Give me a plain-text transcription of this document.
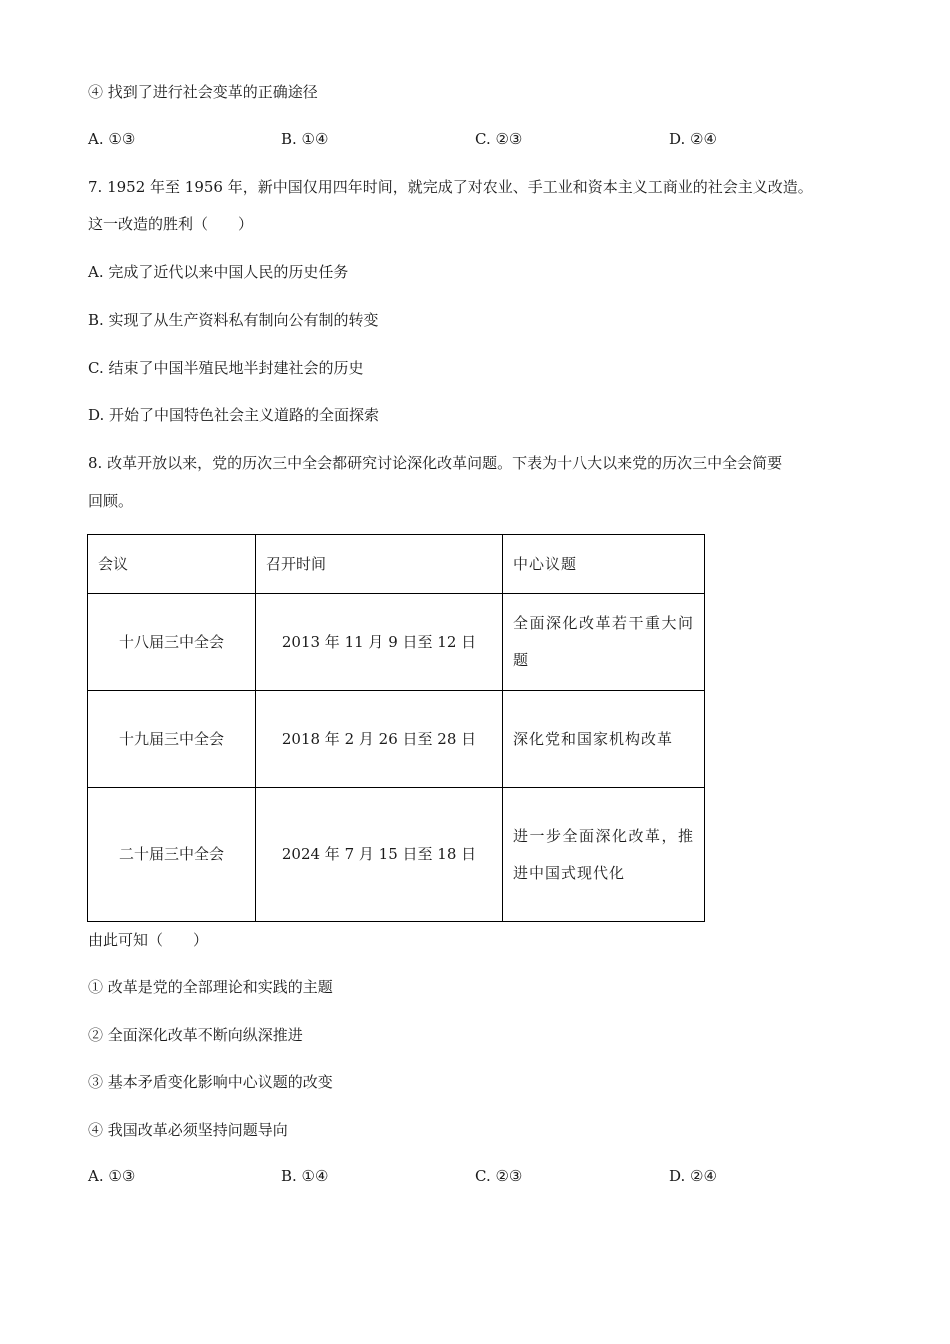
④ 找到了进行社会变革的正确途径
A. ①③	B. ①④	C. ②③	D. ②④
7. 1952 年至 1956 年，新中国仅用四年时间，就完成了对农业、手工业和资本主义工商业的社会主义改造。
这一改造的胜利（　　）
A. 完成了近代以来中国人民的历史任务
B. 实现了从生产资料私有制向公有制的转变
C. 结束了中国半殖民地半封建社会的历史
D. 开始了中国特色社会主义道路的全面探索
8. 改革开放以来，党的历次三中全会都研究讨论深化改革问题。下表为十八大以来党的历次三中全会简要
回顾。
会议	召开时间	中心议题
十八届三中全会	2013 年 11 月 9 日至 12 日	全面深化改革若干重大问题
十九届三中全会	2018 年 2 月 26 日至 28 日	深化党和国家机构改革
二十届三中全会	2024 年 7 月 15 日至 18 日	进一步全面深化改革，推进中国式现代化
由此可知（　　）
① 改革是党的全部理论和实践的主题
② 全面深化改革不断向纵深推进
③ 基本矛盾变化影响中心议题的改变
④ 我国改革必须坚持问题导向
A. ①③	B. ①④	C. ②③	D. ②④
